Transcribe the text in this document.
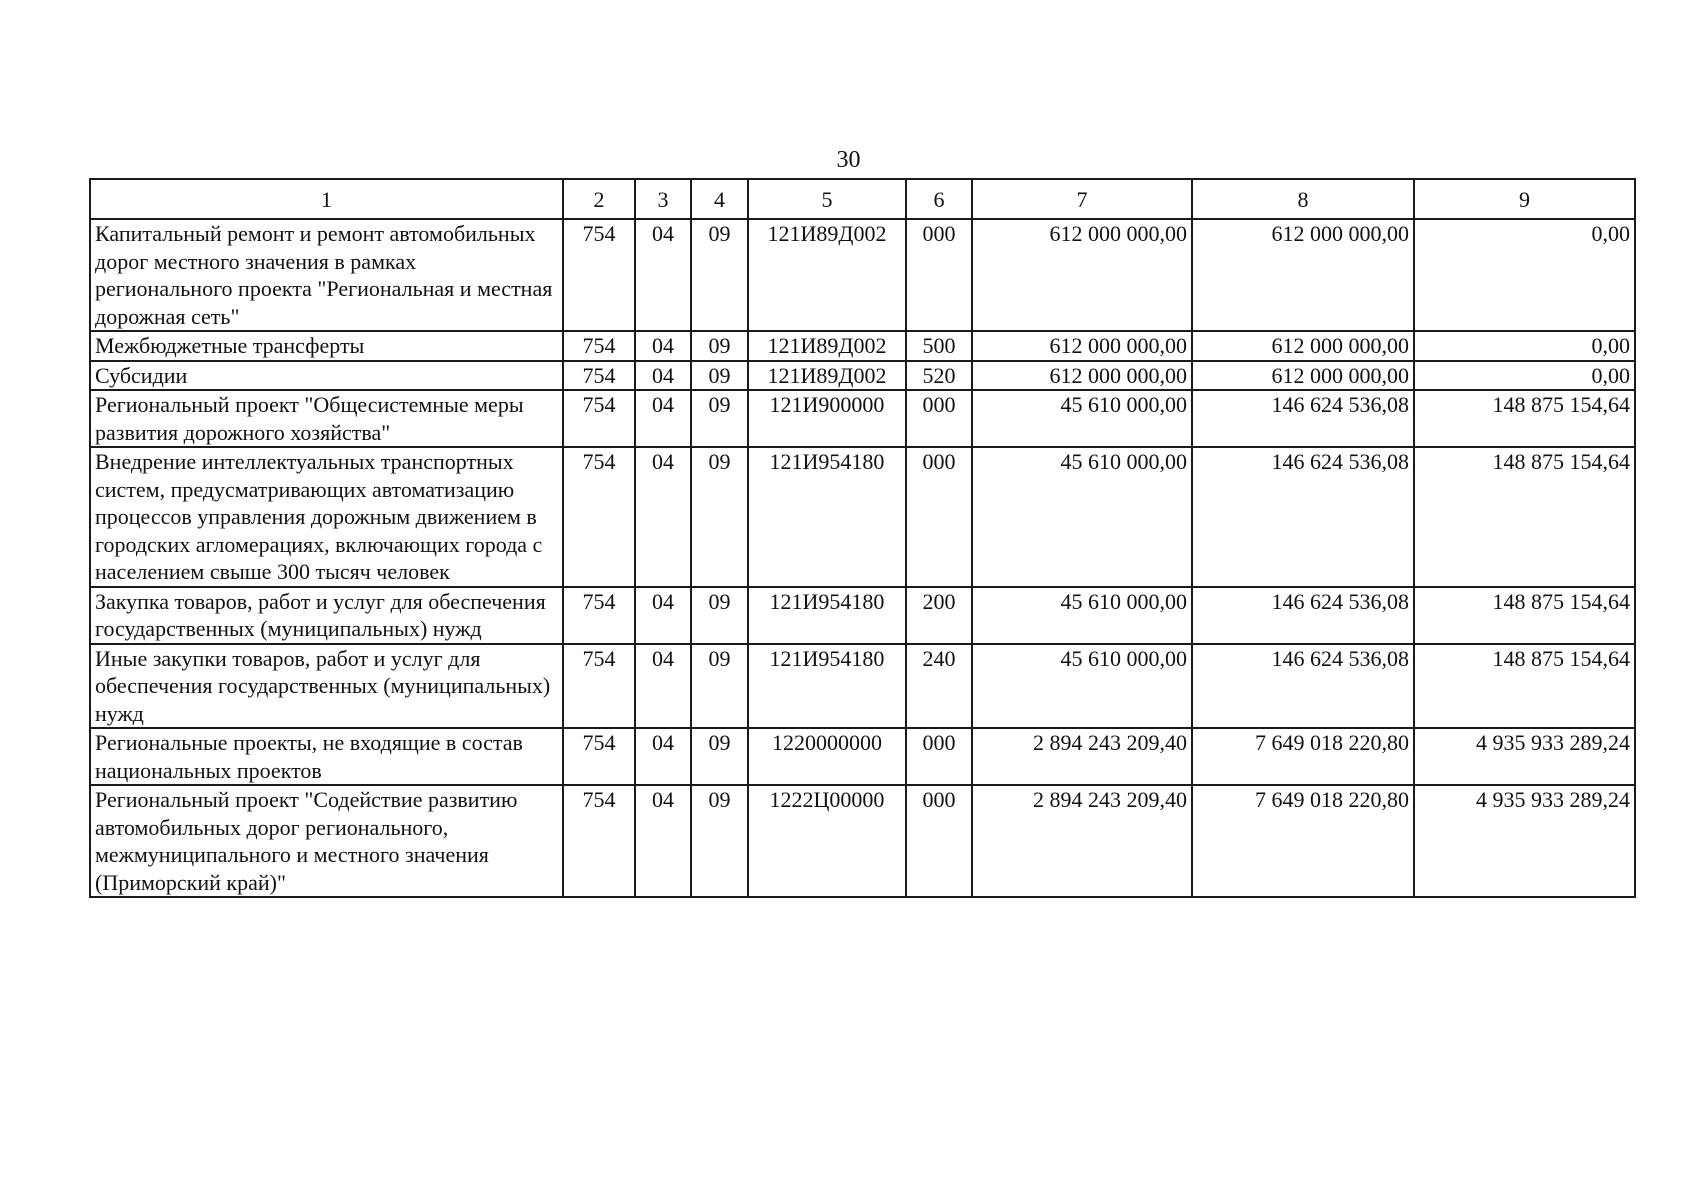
30
1	2	3	4	5	6	7	8	9
Капитальный ремонт и ремонт автомобильных дорог местного значения в рамках регионального проекта "Региональная и местная дорожная сеть"	754	04	09	121И89Д002	000	612 000 000,00	612 000 000,00	0,00
Межбюджетные трансферты	754	04	09	121И89Д002	500	612 000 000,00	612 000 000,00	0,00
Субсидии	754	04	09	121И89Д002	520	612 000 000,00	612 000 000,00	0,00
Региональный проект "Общесистемные меры развития дорожного хозяйства"	754	04	09	121И900000	000	45 610 000,00	146 624 536,08	148 875 154,64
Внедрение интеллектуальных транспортных систем, предусматривающих автоматизацию процессов управления дорожным движением в городских агломерациях, включающих города с населением свыше 300 тысяч человек	754	04	09	121И954180	000	45 610 000,00	146 624 536,08	148 875 154,64
Закупка товаров, работ и услуг для обеспечения государственных (муниципальных) нужд	754	04	09	121И954180	200	45 610 000,00	146 624 536,08	148 875 154,64
Иные закупки товаров, работ и услуг для обеспечения государственных (муниципальных) нужд	754	04	09	121И954180	240	45 610 000,00	146 624 536,08	148 875 154,64
Региональные проекты, не входящие в состав национальных проектов	754	04	09	1220000000	000	2 894 243 209,40	7 649 018 220,80	4 935 933 289,24
Региональный проект "Содействие развитию автомобильных дорог регионального, межмуниципального и местного значения (Приморский край)"	754	04	09	1222Ц00000	000	2 894 243 209,40	7 649 018 220,80	4 935 933 289,24
